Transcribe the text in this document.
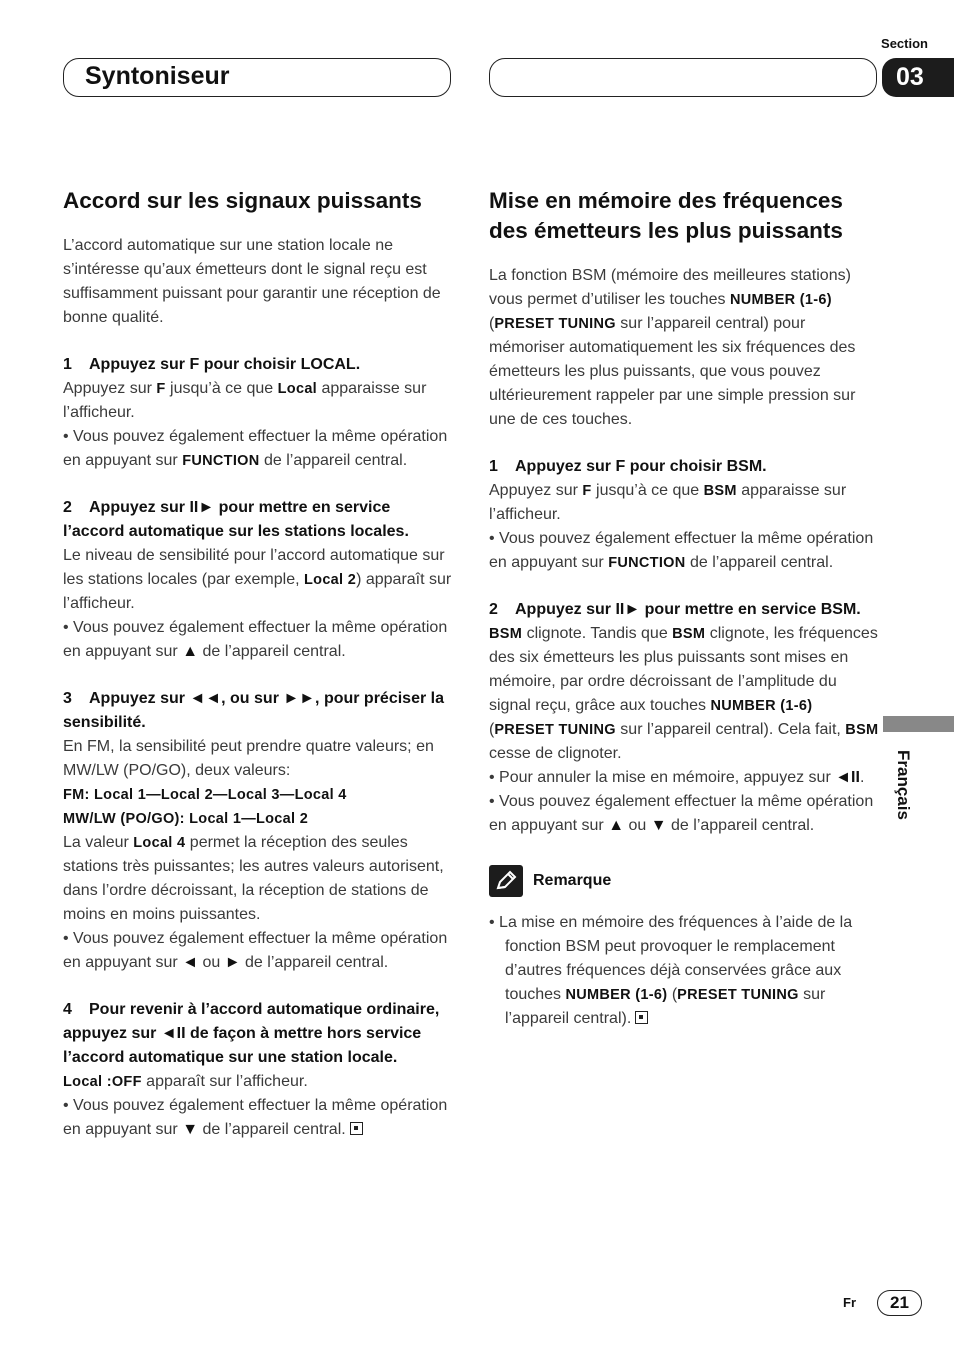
Syntoniseur
Section
03
Accord sur les signaux puissants

L’accord automatique sur une station locale ne s’intéresse qu’aux émetteurs dont le signal reçu est suffisamment puissant pour garantir une réception de bonne qualité.

1 Appuyez sur F pour choisir LOCAL.

Appuyez sur F jusqu’à ce que Local apparaisse sur l’afficheur.

• Vous pouvez également effectuer la même opération en appuyant sur FUNCTION de l’appareil central.

2 Appuyez sur II► pour mettre en service l’accord automatique sur les stations locales.

Le niveau de sensibilité pour l’accord automatique sur les stations locales (par exemple, Local 2) apparaît sur l’afficheur.

• Vous pouvez également effectuer la même opération en appuyant sur ▲ de l’appareil central.

3 Appuyez sur ◄◄, ou sur ►►, pour préciser la sensibilité.

En FM, la sensibilité peut prendre quatre valeurs; en MW/LW (PO/GO), deux valeurs:

FM: Local 1—Local 2—Local 3—Local 4

MW/LW (PO/GO): Local 1—Local 2

La valeur Local 4 permet la réception des seules stations très puissantes; les autres valeurs autorisent, dans l’ordre décroissant, la réception de stations de moins en moins puissantes.

• Vous pouvez également effectuer la même opération en appuyant sur ◄ ou ► de l’appareil central.

4 Pour revenir à l’accord automatique ordinaire, appuyez sur ◄II de façon à mettre hors service l’accord automatique sur une station locale.

Local :OFF apparaît sur l’afficheur.

• Vous pouvez également effectuer la même opération en appuyant sur ▼ de l’appareil central.

Mise en mémoire des fréquences des émetteurs les plus puissants

La fonction BSM (mémoire des meilleures stations) vous permet d’utiliser les touches NUMBER (1-6) (PRESET TUNING sur l’appareil central) pour mémoriser automatiquement les six fréquences des émetteurs les plus puissants, que vous pouvez ultérieurement rappeler par une simple pression sur une de ces touches.

1 Appuyez sur F pour choisir BSM.

Appuyez sur F jusqu’à ce que BSM apparaisse sur l’afficheur.

• Vous pouvez également effectuer la même opération en appuyant sur FUNCTION de l’appareil central.

2 Appuyez sur II► pour mettre en service BSM.

BSM clignote. Tandis que BSM clignote, les fréquences des six émetteurs les plus puissants sont mises en mémoire, par ordre décroissant de l’amplitude du signal reçu, grâce aux touches NUMBER (1-6) (PRESET TUNING sur l’appareil central). Cela fait, BSM cesse de clignoter.

• Pour annuler la mise en mémoire, appuyez sur ◄II.

• Vous pouvez également effectuer la même opération en appuyant sur ▲ ou ▼ de l’appareil central.

Remarque

• La mise en mémoire des fréquences à l’aide de la fonction BSM peut provoquer le remplacement d’autres fréquences déjà conservées grâce aux touches NUMBER (1-6) (PRESET TUNING sur l’appareil central).

Français
Fr	21
